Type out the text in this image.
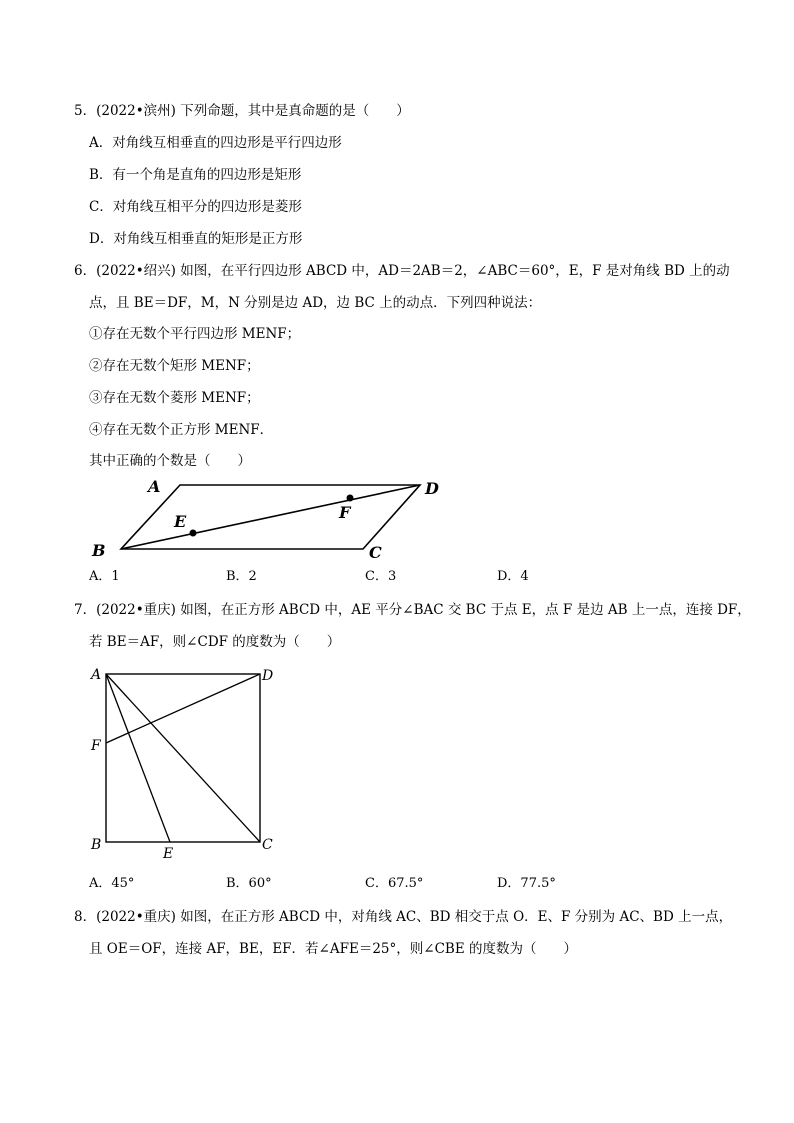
5．(2022•滨州) 下列命题，其中是真命题的是（　　）
A．对角线互相垂直的四边形是平行四边形
B．有一个角是直角的四边形是矩形
C．对角线互相平分的四边形是菱形
D．对角线互相垂直的矩形是正方形
6．(2022•绍兴) 如图，在平行四边形 ABCD 中，AD＝2AB＝2，∠ABC＝60°，E，F 是对角线 BD 上的动
点，且 BE＝DF，M，N 分别是边 AD，边 BC 上的动点．下列四种说法：
①存在无数个平行四边形 MENF；
②存在无数个矩形 MENF；
③存在无数个菱形 MENF；
④存在无数个正方形 MENF．
其中正确的个数是（　　）
A	D
B	C
E	F
A．1	B．2	C．3	D．4
7．(2022•重庆) 如图，在正方形 ABCD 中，AE 平分∠BAC 交 BC 于点 E，点 F 是边 AB 上一点，连接 DF，
若 BE＝AF，则∠CDF 的度数为（　　）
A	D
F
B	C
E
A．45°	B．60°	C．67.5°	D．77.5°
8．(2022•重庆) 如图，在正方形 ABCD 中，对角线 AC、BD 相交于点 O．E、F 分别为 AC、BD 上一点，
且 OE＝OF，连接 AF，BE，EF．若∠AFE＝25°，则∠CBE 的度数为（　　）
